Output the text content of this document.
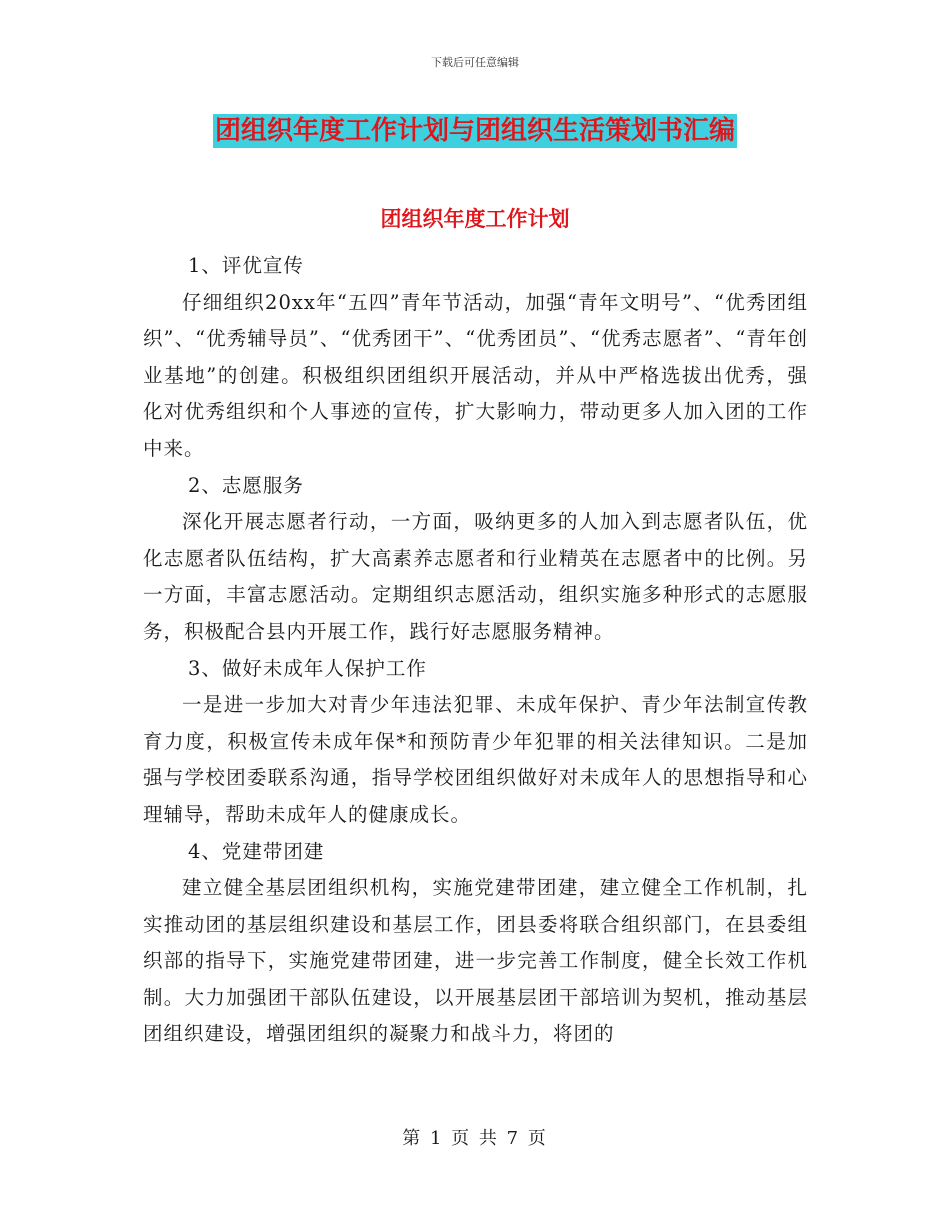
下载后可任意编辑
团组织年度工作计划与团组织生活策划书汇编
团组织年度工作计划

1、评优宣传

仔细组织20xx年“五四”青年节活动，加强“青年文明号”、“优秀团组织”、“优秀辅导员”、“优秀团干”、“优秀团员”、“优秀志愿者”、“青年创业基地”的创建。积极组织团组织开展活动，并从中严格选拔出优秀，强化对优秀组织和个人事迹的宣传，扩大影响力，带动更多人加入团的工作中来。

2、志愿服务

深化开展志愿者行动，一方面，吸纳更多的人加入到志愿者队伍，优化志愿者队伍结构，扩大高素养志愿者和行业精英在志愿者中的比例。另一方面，丰富志愿活动。定期组织志愿活动，组织实施多种形式的志愿服务，积极配合县内开展工作，践行好志愿服务精神。

3、做好未成年人保护工作

一是进一步加大对青少年违法犯罪、未成年保护、青少年法制宣传教育力度，积极宣传未成年保*和预防青少年犯罪的相关法律知识。二是加强与学校团委联系沟通，指导学校团组织做好对未成年人的思想指导和心理辅导，帮助未成年人的健康成长。

4、党建带团建

建立健全基层团组织机构，实施党建带团建，建立健全工作机制，扎实推动团的基层组织建设和基层工作，团县委将联合组织部门，在县委组织部的指导下，实施党建带团建，进一步完善工作制度，健全长效工作机制。大力加强团干部队伍建设，以开展基层团干部培训为契机，推动基层团组织建设，增强团组织的凝聚力和战斗力，将团的

第 1 页 共 7 页
